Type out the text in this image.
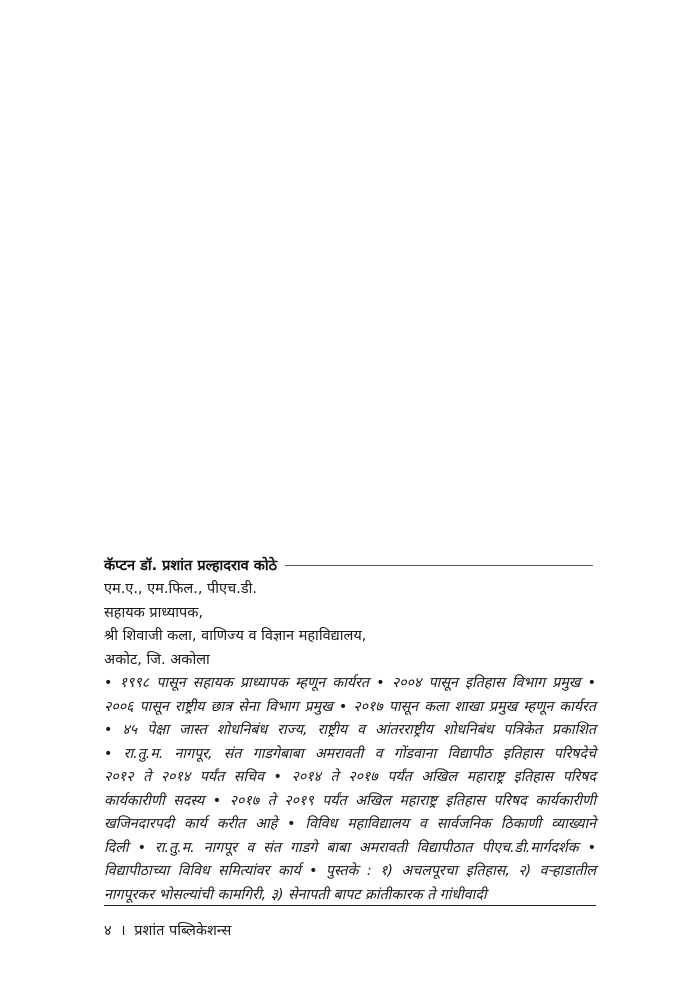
कॅप्टन डॉ. प्रशांत प्रल्हादराव कोठे
एम.ए., एम.फिल., पीएच.डी.
सहायक प्राध्यापक,
श्री शिवाजी कला, वाणिज्य व विज्ञान महाविद्यालय,
अकोट, जि. अकोला
• १९९८ पासून सहायक प्राध्यापक म्हणून कार्यरत • २००४ पासून इतिहास विभाग प्रमुख •
२००६ पासून राष्ट्रीय छात्र सेना विभाग प्रमुख • २०१७ पासून कला शाखा प्रमुख म्हणून कार्यरत
• ४५ पेक्षा जास्त शोधनिबंध राज्य, राष्ट्रीय व आंतरराष्ट्रीय शोधनिबंध पत्रिकेत प्रकाशित
• रा.तु.म. नागपूर, संत गाडगेबाबा अमरावती व गोंडवाना विद्यापीठ इतिहास परिषदेचे
२०१२ ते २०१४ पर्यंत सचिव • २०१४ ते २०१७ पर्यंत अखिल महाराष्ट्र इतिहास परिषद
कार्यकारीणी सदस्य • २०१७ ते २०१९ पर्यंत अखिल महाराष्ट्र इतिहास परिषद कार्यकारीणी
खजिनदारपदी कार्य करीत आहे • विविध महाविद्यालय व सार्वजनिक ठिकाणी व्याख्याने
दिली • रा.तु.म. नागपूर व संत गाडगे बाबा अमरावती विद्यापीठात पीएच.डी.मार्गदर्शक •
विद्यापीठाच्या विविध समित्यांवर कार्य • पुस्तके : १) अचलपूरचा इतिहास, २) वऱ्हाडातील
नागपूरकर भोसल्यांची कामगिरी, ३) सेनापती बापट क्रांतीकारक ते गांधीवादी
४ । प्रशांत पब्लिकेशन्स
